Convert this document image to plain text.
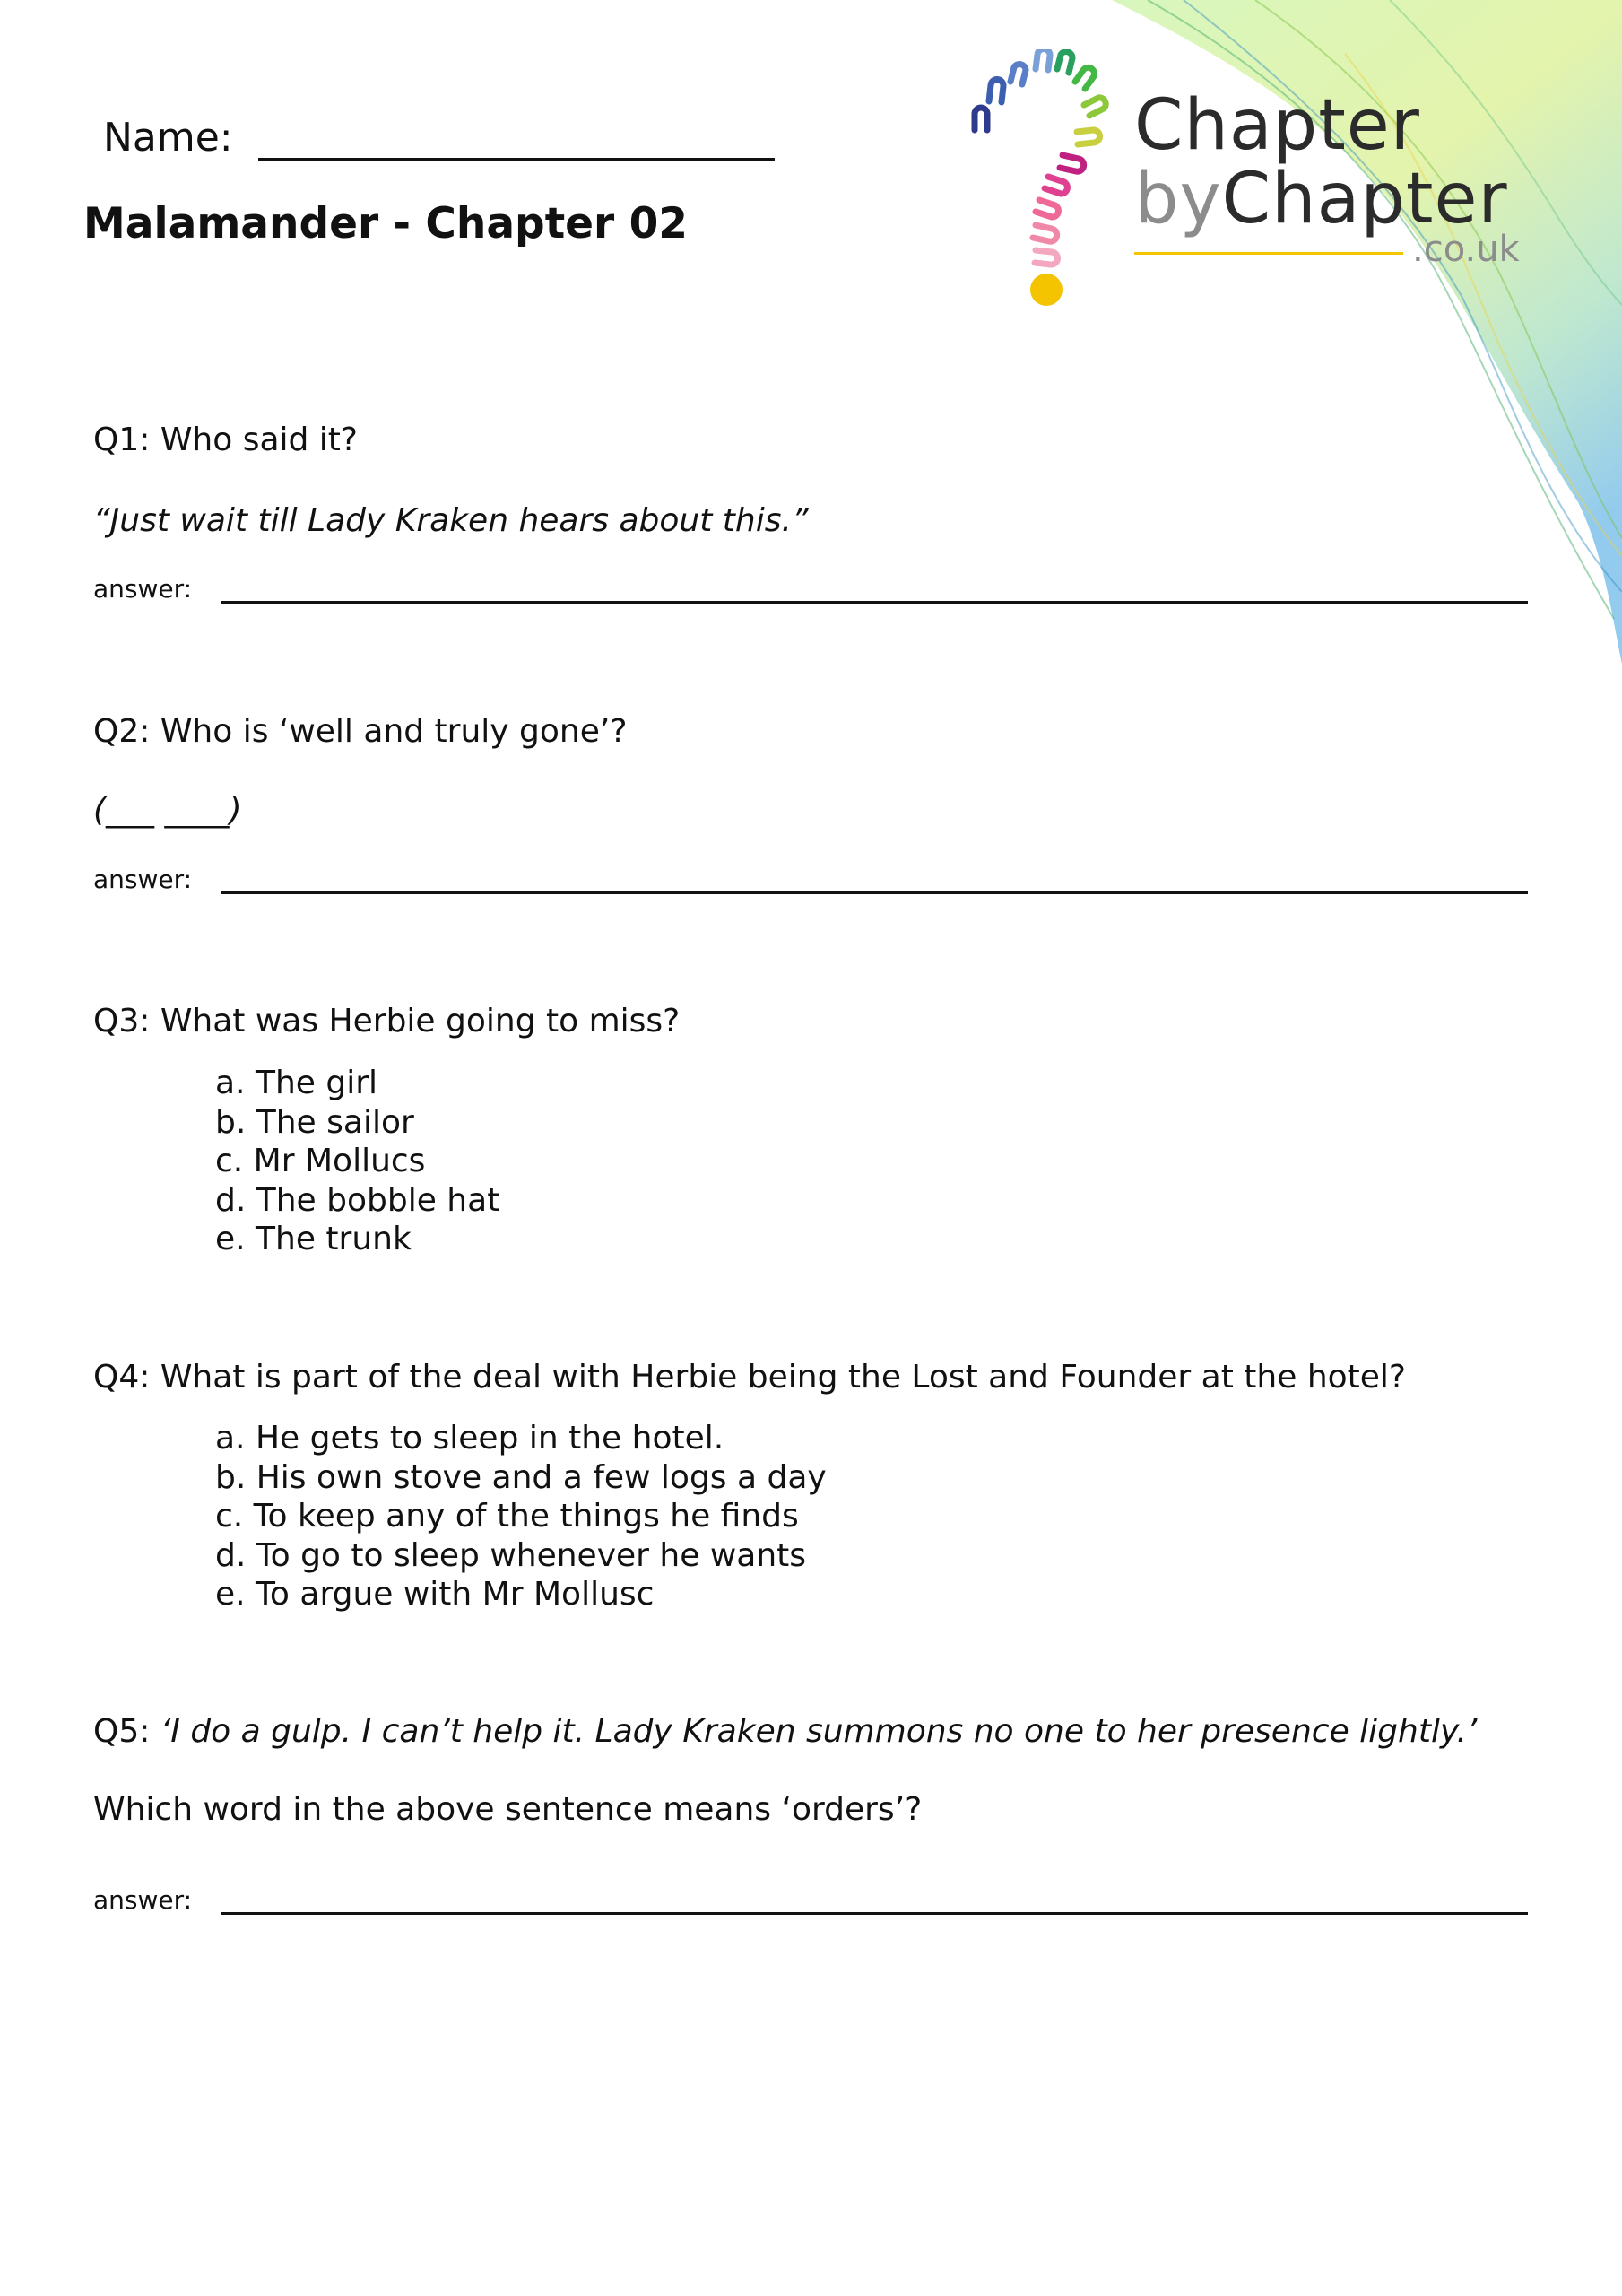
Chapter
byChapter
.co.uk
Name:
Malamander - Chapter 02
Q1: Who said it?
“Just wait till Lady Kraken hears about this.”
answer:
Q2: Who is ‘well and truly gone’?
(___ ____)
answer:
Q3: What was Herbie going to miss?
a. The girl
b. The sailor
c. Mr Mollucs
d. The bobble hat
e. The trunk
Q4: What is part of the deal with Herbie being the Lost and Founder at the hotel?
a. He gets to sleep in the hotel.
b. His own stove and a few logs a day
c. To keep any of the things he finds
d. To go to sleep whenever he wants
e. To argue with Mr Mollusc
Q5: ‘I do a gulp. I can’t help it. Lady Kraken summons no one to her presence lightly.’
Which word in the above sentence means ‘orders’?
answer:
